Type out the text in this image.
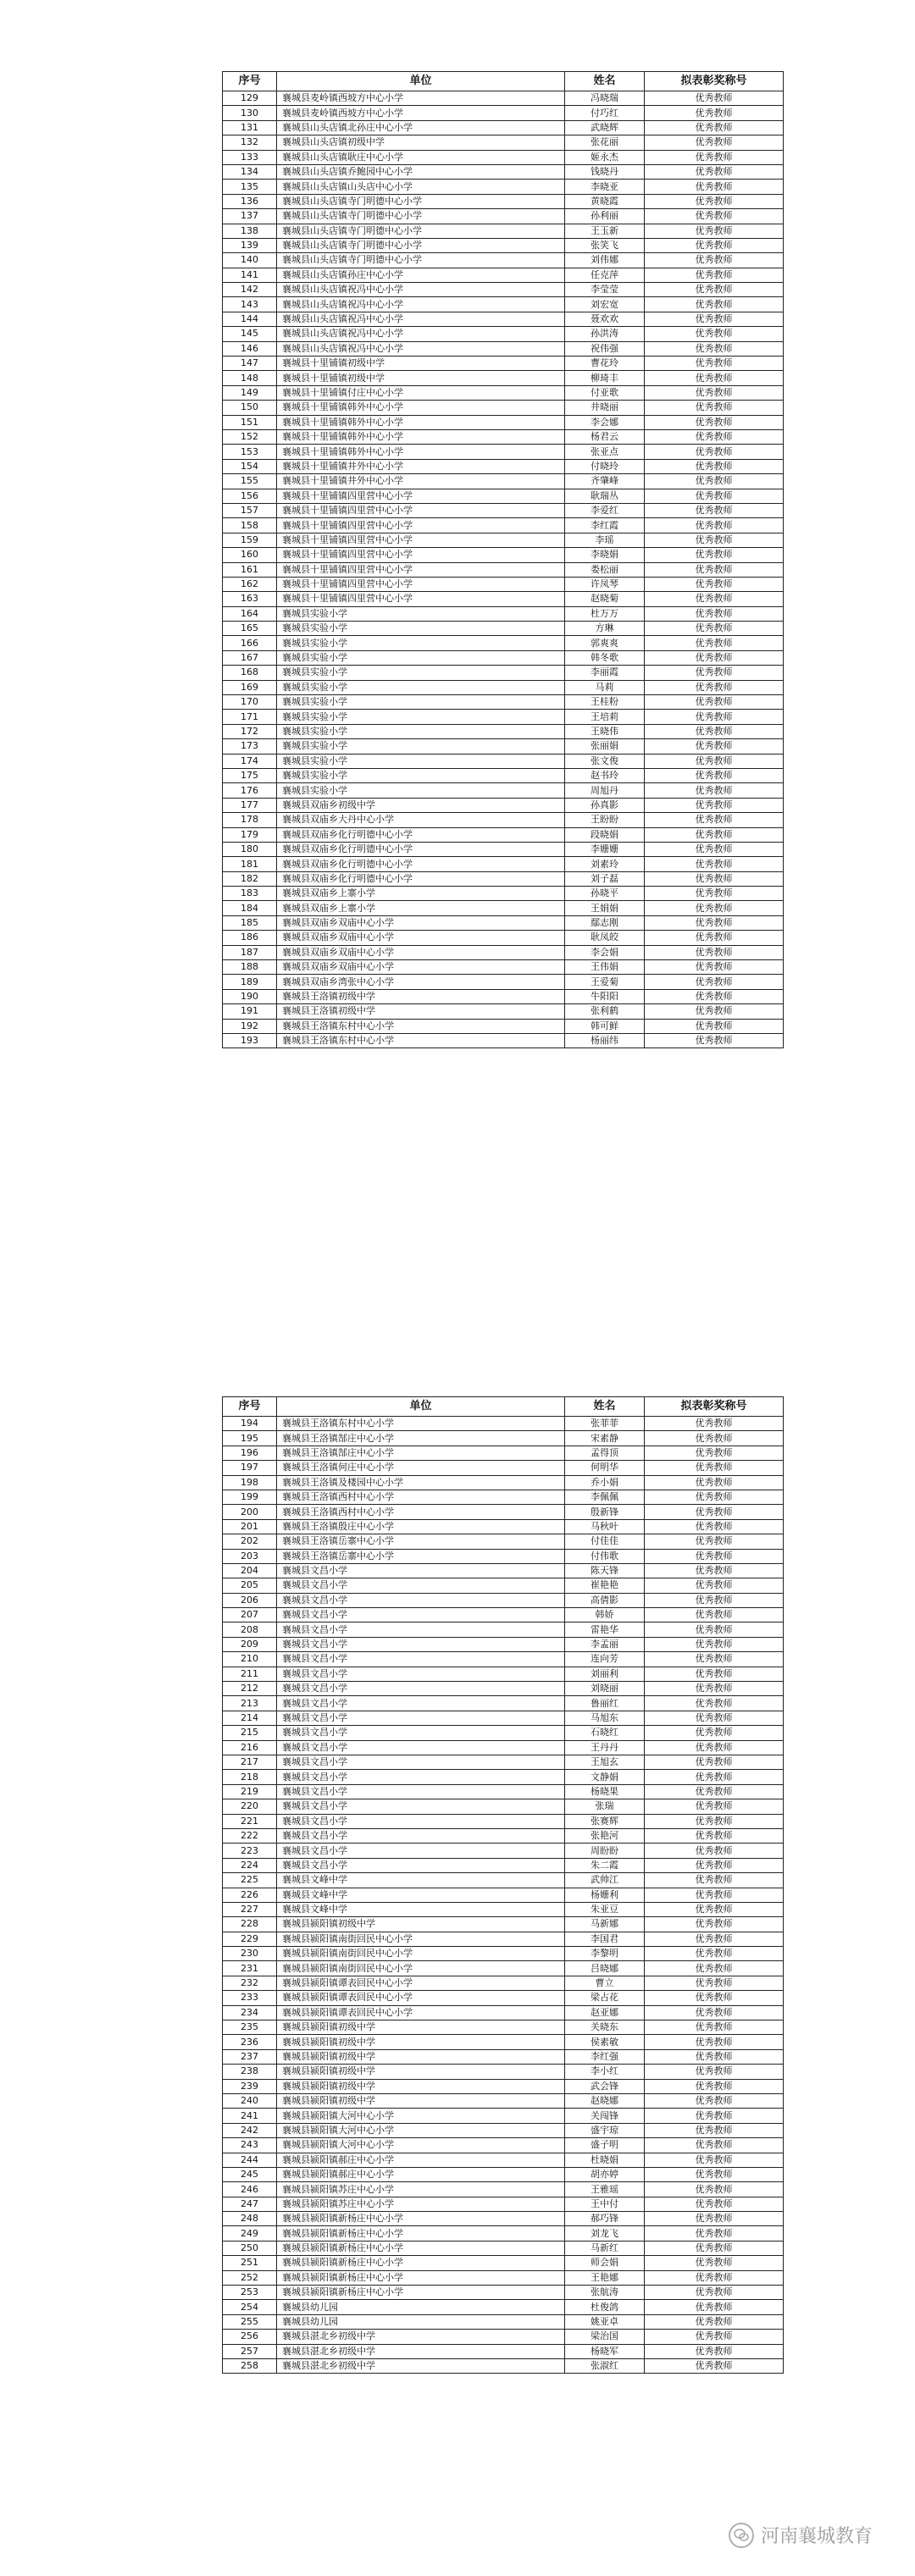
序号	单位	姓名	拟表彰奖称号
129	襄城县麦岭镇西坡方中心小学	冯晓瑞	优秀教师
130	襄城县麦岭镇西坡方中心小学	付巧红	优秀教师
131	襄城县山头店镇北孙庄中心小学	武晓辉	优秀教师
132	襄城县山头店镇初级中学	张花丽	优秀教师
133	襄城县山头店镇耿庄中心小学	姬永杰	优秀教师
134	襄城县山头店镇乔鲍园中心小学	钱晓丹	优秀教师
135	襄城县山头店镇山头店中心小学	李晓亚	优秀教师
136	襄城县山头店镇寺门明德中心小学	黄晓霞	优秀教师
137	襄城县山头店镇寺门明德中心小学	孙利丽	优秀教师
138	襄城县山头店镇寺门明德中心小学	王玉新	优秀教师
139	襄城县山头店镇寺门明德中心小学	张笑飞	优秀教师
140	襄城县山头店镇寺门明德中心小学	刘伟娜	优秀教师
141	襄城县山头店镇孙庄中心小学	任克萍	优秀教师
142	襄城县山头店镇祝冯中心小学	李莹莹	优秀教师
143	襄城县山头店镇祝冯中心小学	刘宏宽	优秀教师
144	襄城县山头店镇祝冯中心小学	聂欢欢	优秀教师
145	襄城县山头店镇祝冯中心小学	孙洪涛	优秀教师
146	襄城县山头店镇祝冯中心小学	祝伟强	优秀教师
147	襄城县十里铺镇初级中学	曹花玲	优秀教师
148	襄城县十里铺镇初级中学	柳琦丰	优秀教师
149	襄城县十里铺镇付庄中心小学	付亚歌	优秀教师
150	襄城县十里铺镇韩外中心小学	井晓丽	优秀教师
151	襄城县十里铺镇韩外中心小学	李会娜	优秀教师
152	襄城县十里铺镇韩外中心小学	杨君云	优秀教师
153	襄城县十里铺镇韩外中心小学	张亚点	优秀教师
154	襄城县十里铺镇井外中心小学	付晓玲	优秀教师
155	襄城县十里铺镇井外中心小学	齐肇峰	优秀教师
156	襄城县十里铺镇四里营中心小学	耿瑞丛	优秀教师
157	襄城县十里铺镇四里营中心小学	李爱红	优秀教师
158	襄城县十里铺镇四里营中心小学	李红霞	优秀教师
159	襄城县十里铺镇四里营中心小学	李瑶	优秀教师
160	襄城县十里铺镇四里营中心小学	李晓娟	优秀教师
161	襄城县十里铺镇四里营中心小学	娄松丽	优秀教师
162	襄城县十里铺镇四里营中心小学	许凤琴	优秀教师
163	襄城县十里铺镇四里营中心小学	赵晓菊	优秀教师
164	襄城县实验小学	杜万万	优秀教师
165	襄城县实验小学	方琳	优秀教师
166	襄城县实验小学	郭爽爽	优秀教师
167	襄城县实验小学	韩冬歌	优秀教师
168	襄城县实验小学	李丽霞	优秀教师
169	襄城县实验小学	马莉	优秀教师
170	襄城县实验小学	王桂粉	优秀教师
171	襄城县实验小学	王培莉	优秀教师
172	襄城县实验小学	王晓伟	优秀教师
173	襄城县实验小学	张丽娟	优秀教师
174	襄城县实验小学	张文俊	优秀教师
175	襄城县实验小学	赵书玲	优秀教师
176	襄城县实验小学	周旭丹	优秀教师
177	襄城县双庙乡初级中学	孙真影	优秀教师
178	襄城县双庙乡大丹中心小学	王盼盼	优秀教师
179	襄城县双庙乡化行明德中心小学	段晓娟	优秀教师
180	襄城县双庙乡化行明德中心小学	李姗姗	优秀教师
181	襄城县双庙乡化行明德中心小学	刘素玲	优秀教师
182	襄城县双庙乡化行明德中心小学	刘子磊	优秀教师
183	襄城县双庙乡上寨小学	孙晓平	优秀教师
184	襄城县双庙乡上寨小学	王娟娟	优秀教师
185	襄城县双庙乡双庙中心小学	鄢志刚	优秀教师
186	襄城县双庙乡双庙中心小学	耿凤皎	优秀教师
187	襄城县双庙乡双庙中心小学	李会娟	优秀教师
188	襄城县双庙乡双庙中心小学	王伟娟	优秀教师
189	襄城县双庙乡湾张中心小学	王爱菊	优秀教师
190	襄城县王洛镇初级中学	牛阳阳	优秀教师
191	襄城县王洛镇初级中学	张利鹤	优秀教师
192	襄城县王洛镇东村中心小学	韩可鲜	优秀教师
193	襄城县王洛镇东村中心小学	杨丽纬	优秀教师
序号	单位	姓名	拟表彰奖称号
194	襄城县王洛镇东村中心小学	张菲菲	优秀教师
195	襄城县王洛镇郜庄中心小学	宋素静	优秀教师
196	襄城县王洛镇郜庄中心小学	孟得顶	优秀教师
197	襄城县王洛镇何庄中心小学	何明华	优秀教师
198	襄城县王洛镇及楼园中心小学	乔小娟	优秀教师
199	襄城县王洛镇西村中心小学	李佩佩	优秀教师
200	襄城县王洛镇西村中心小学	殷新锋	优秀教师
201	襄城县王洛镇殷庄中心小学	马秋叶	优秀教师
202	襄城县王洛镇岳寨中心小学	付佳佳	优秀教师
203	襄城县王洛镇岳寨中心小学	付伟歌	优秀教师
204	襄城县文昌小学	陈天锋	优秀教师
205	襄城县文昌小学	崔艳艳	优秀教师
206	襄城县文昌小学	高倩影	优秀教师
207	襄城县文昌小学	韩娇	优秀教师
208	襄城县文昌小学	雷艳华	优秀教师
209	襄城县文昌小学	李孟丽	优秀教师
210	襄城县文昌小学	连向芳	优秀教师
211	襄城县文昌小学	刘丽利	优秀教师
212	襄城县文昌小学	刘晓丽	优秀教师
213	襄城县文昌小学	鲁丽红	优秀教师
214	襄城县文昌小学	马旭东	优秀教师
215	襄城县文昌小学	石晓红	优秀教师
216	襄城县文昌小学	王丹丹	优秀教师
217	襄城县文昌小学	王旭玄	优秀教师
218	襄城县文昌小学	文静娟	优秀教师
219	襄城县文昌小学	杨晓果	优秀教师
220	襄城县文昌小学	张瑞	优秀教师
221	襄城县文昌小学	张赛辉	优秀教师
222	襄城县文昌小学	张艳河	优秀教师
223	襄城县文昌小学	周盼盼	优秀教师
224	襄城县文昌小学	朱二霞	优秀教师
225	襄城县文峰中学	武帅江	优秀教师
226	襄城县文峰中学	杨姗利	优秀教师
227	襄城县文峰中学	朱亚豆	优秀教师
228	襄城县颍阳镇初级中学	马新娜	优秀教师
229	襄城县颍阳镇南街回民中心小学	李国君	优秀教师
230	襄城县颍阳镇南街回民中心小学	李黎明	优秀教师
231	襄城县颍阳镇南街回民中心小学	吕晓娜	优秀教师
232	襄城县颍阳镇谭表回民中心小学	曹立	优秀教师
233	襄城县颍阳镇谭表回民中心小学	梁占花	优秀教师
234	襄城县颍阳镇谭表回民中心小学	赵亚娜	优秀教师
235	襄城县颍阳镇初级中学	关晓东	优秀教师
236	襄城县颍阳镇初级中学	侯素敏	优秀教师
237	襄城县颍阳镇初级中学	李红强	优秀教师
238	襄城县颍阳镇初级中学	李小红	优秀教师
239	襄城县颍阳镇初级中学	武会锋	优秀教师
240	襄城县颍阳镇初级中学	赵晓娜	优秀教师
241	襄城县颍阳镇大河中心小学	关闯锋	优秀教师
242	襄城县颍阳镇大河中心小学	盛宇琼	优秀教师
243	襄城县颍阳镇大河中心小学	盛子明	优秀教师
244	襄城县颍阳镇郝庄中心小学	杜晓娟	优秀教师
245	襄城县颍阳镇郝庄中心小学	胡亦婷	优秀教师
246	襄城县颍阳镇苏庄中心小学	王雅瑶	优秀教师
247	襄城县颍阳镇苏庄中心小学	王中付	优秀教师
248	襄城县颍阳镇新杨庄中心小学	郝巧锋	优秀教师
249	襄城县颍阳镇新杨庄中心小学	刘龙飞	优秀教师
250	襄城县颍阳镇新杨庄中心小学	马新红	优秀教师
251	襄城县颍阳镇新杨庄中心小学	师会娟	优秀教师
252	襄城县颍阳镇新杨庄中心小学	王艳娜	优秀教师
253	襄城县颍阳镇新杨庄中心小学	张航涛	优秀教师
254	襄城县幼儿园	杜俊鸽	优秀教师
255	襄城县幼儿园	姚亚卓	优秀教师
256	襄城县湛北乡初级中学	梁治国	优秀教师
257	襄城县湛北乡初级中学	杨晓军	优秀教师
258	襄城县湛北乡初级中学	张淑红	优秀教师
河南襄城教育
